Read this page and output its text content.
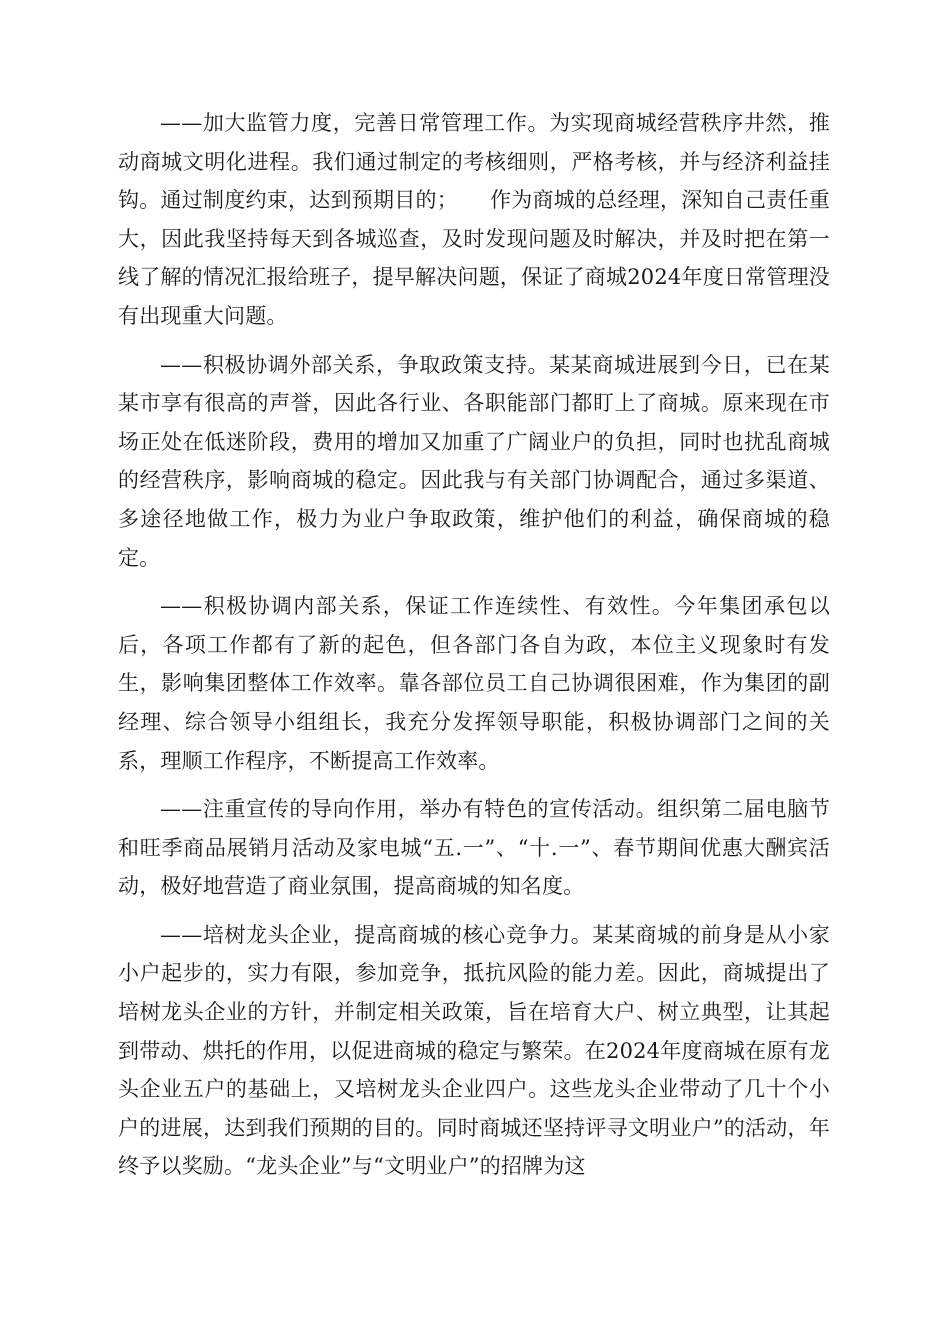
——加大监管力度，完善日常管理工作。为实现商城经营秩序井然，推动商城文明化进程。我们通过制定的考核细则，严格考核，并与经济利益挂钩。通过制度约束，达到预期目的；　　作为商城的总经理，深知自己责任重大，因此我坚持每天到各城巡查，及时发现问题及时解决，并及时把在第一线了解的情况汇报给班子，提早解决问题，保证了商城2024年度日常管理没有出现重大问题。

——积极协调外部关系，争取政策支持。某某商城进展到今日，已在某某市享有很高的声誉，因此各行业、各职能部门都盯上了商城。原来现在市场正处在低迷阶段，费用的增加又加重了广阔业户的负担，同时也扰乱商城的经营秩序，影响商城的稳定。因此我与有关部门协调配合，通过多渠道、多途径地做工作，极力为业户争取政策，维护他们的利益，确保商城的稳定。

——积极协调内部关系，保证工作连续性、有效性。今年集团承包以后，各项工作都有了新的起色，但各部门各自为政，本位主义现象时有发生，影响集团整体工作效率。靠各部位员工自己协调很困难，作为集团的副经理、综合领导小组组长，我充分发挥领导职能，积极协调部门之间的关系，理顺工作程序，不断提高工作效率。

——注重宣传的导向作用，举办有特色的宣传活动。组织第二届电脑节和旺季商品展销月活动及家电城“五.一”、“十.一”、春节期间优惠大酬宾活动，极好地营造了商业氛围，提高商城的知名度。

——培树龙头企业，提高商城的核心竞争力。某某商城的前身是从小家小户起步的，实力有限，参加竞争，抵抗风险的能力差。因此，商城提出了培树龙头企业的方针，并制定相关政策，旨在培育大户、树立典型，让其起到带动、烘托的作用，以促进商城的稳定与繁荣。在2024年度商城在原有龙头企业五户的基础上，又培树龙头企业四户。这些龙头企业带动了几十个小户的进展，达到我们预期的目的。同时商城还坚持评寻文明业户”的活动，年终予以奖励。“龙头企业”与“文明业户”的招牌为这
